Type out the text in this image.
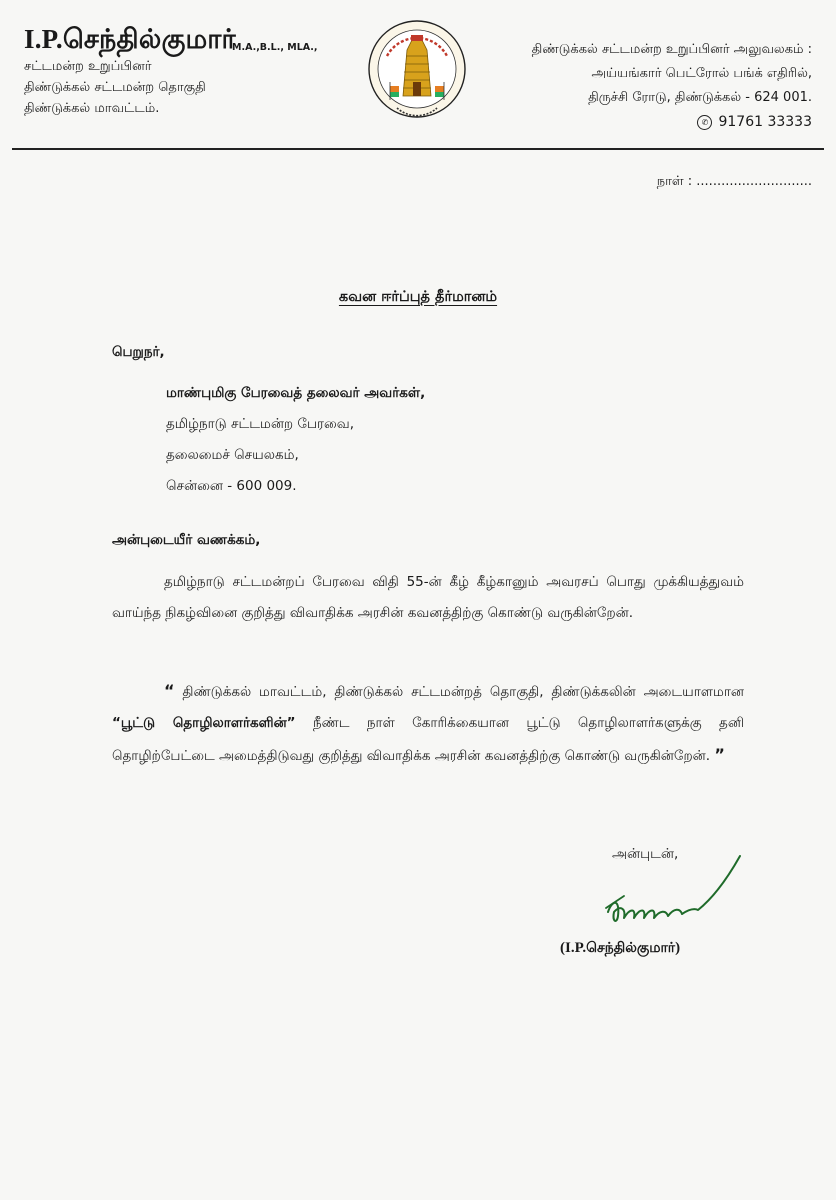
I.P.செந்தில்குமார்
சட்டமன்ற உறுப்பினர்
திண்டுக்கல் சட்டமன்ற தொகுதி
திண்டுக்கல் மாவட்டம்.
M.A.,B.L., MLA.,	திண்டுக்கல் சட்டமன்ற உறுப்பினர் அலுவலகம் :
அய்யங்கார் பெட்ரோல் பங்க் எதிரில்,
திருச்சி ரோடு, திண்டுக்கல் - 624 001.
✆ 91761 33333
நாள் : ............................
கவன ஈர்ப்புத் தீர்மானம்
பெறுநர்,
மாண்புமிகு பேரவைத் தலைவர் அவர்கள்,
தமிழ்நாடு சட்டமன்ற பேரவை,
தலைமைச் செயலகம்,
சென்னை - 600 009.
அன்புடையீர் வணக்கம்,
தமிழ்நாடு சட்டமன்றப் பேரவை விதி 55-ன் கீழ் கீழ்கானும் அவரசப் பொது முக்கியத்துவம் வாய்ந்த நிகழ்வினை குறித்து விவாதிக்க அரசின் கவனத்திற்கு கொண்டு வருகின்றேன்.
“ திண்டுக்கல் மாவட்டம், திண்டுக்கல் சட்டமன்றத் தொகுதி, திண்டுக்கலின் அடையாளமான “பூட்டு தொழிலாளர்களின்” நீண்ட நாள் கோரிக்கையான பூட்டு தொழிலாளர்களுக்கு தனி தொழிற்பேட்டை அமைத்திடுவது குறித்து விவாதிக்க அரசின் கவனத்திற்கு கொண்டு வருகின்றேன். ”
அன்புடன்,
(I.P.செந்தில்குமார்)
